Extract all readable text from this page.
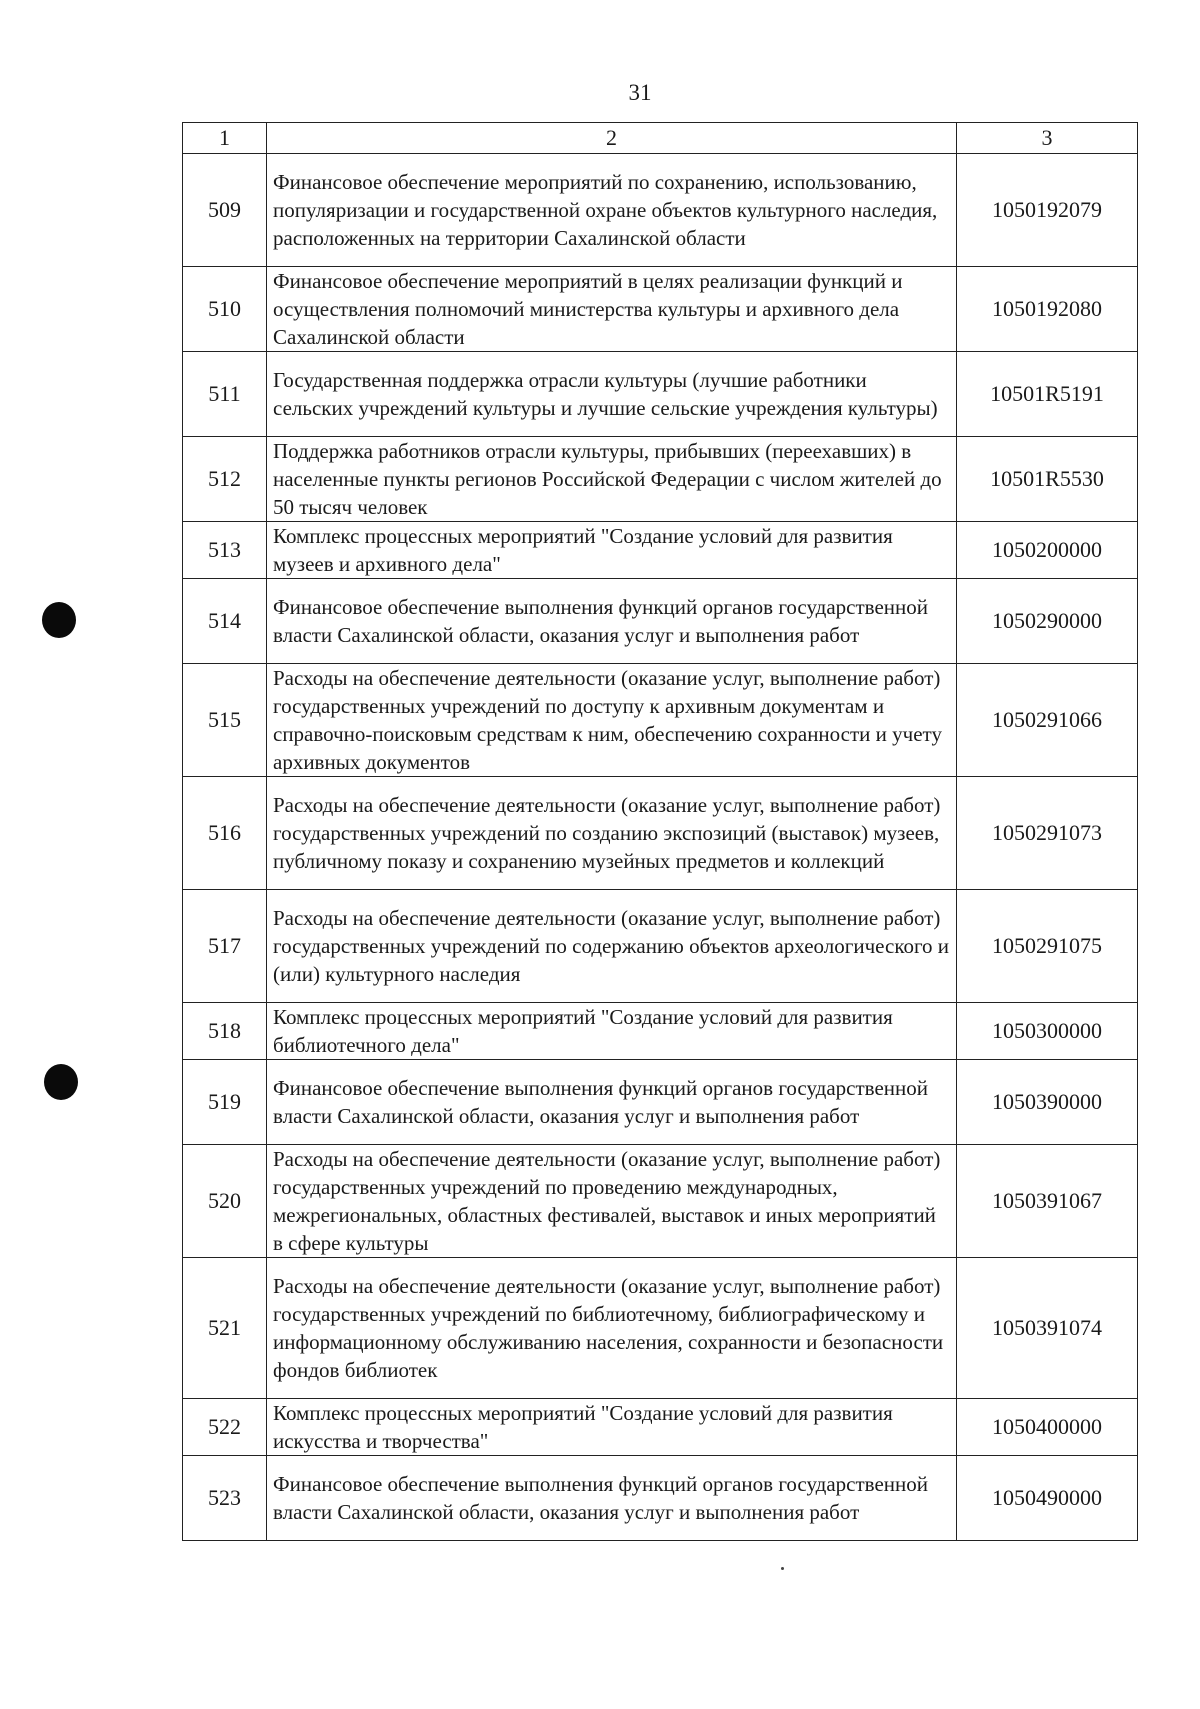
31
1	2	3
509	Финансовое обеспечение мероприятий по сохранению, использованию, популяризации и государственной охране объектов культурного наследия, расположенных на территории Сахалинской области	1050192079
510	Финансовое обеспечение мероприятий в целях реализации функций и осуществления полномочий министерства культуры и архивного дела Сахалинской области	1050192080
511	Государственная поддержка отрасли культуры (лучшие работники сельских учреждений культуры и лучшие сельские учреждения культуры)	10501R5191
512	Поддержка работников отрасли культуры, прибывших (переехавших) в населенные пункты регионов Российской Федерации с числом жителей до 50 тысяч человек	10501R5530
513	Комплекс процессных мероприятий "Создание условий для развития музеев и архивного дела"	1050200000
514	Финансовое обеспечение выполнения функций органов государственной власти Сахалинской области, оказания услуг и выполнения работ	1050290000
515	Расходы на обеспечение деятельности (оказание услуг, выполнение работ) государственных учреждений по доступу к архивным документам и справочно-поисковым средствам к ним, обеспечению сохранности и учету архивных документов	1050291066
516	Расходы на обеспечение деятельности (оказание услуг, выполнение работ) государственных учреждений по созданию экспозиций (выставок) музеев, публичному показу и сохранению музейных предметов и коллекций	1050291073
517	Расходы на обеспечение деятельности (оказание услуг, выполнение работ) государственных учреждений по содержанию объектов археологического и (или) культурного наследия	1050291075
518	Комплекс процессных мероприятий "Создание условий для развития библиотечного дела"	1050300000
519	Финансовое обеспечение выполнения функций органов государственной власти Сахалинской области, оказания услуг и выполнения работ	1050390000
520	Расходы на обеспечение деятельности (оказание услуг, выполнение работ) государственных учреждений по проведению международных, межрегиональных, областных фестивалей, выставок и иных мероприятий в сфере культуры	1050391067
521	Расходы на обеспечение деятельности (оказание услуг, выполнение работ) государственных учреждений по библиотечному, библиографическому и информационному обслуживанию населения, сохранности и безопасности фондов библиотек	1050391074
522	Комплекс процессных мероприятий "Создание условий для развития искусства и творчества"	1050400000
523	Финансовое обеспечение выполнения функций органов государственной власти Сахалинской области, оказания услуг и выполнения работ	1050490000
